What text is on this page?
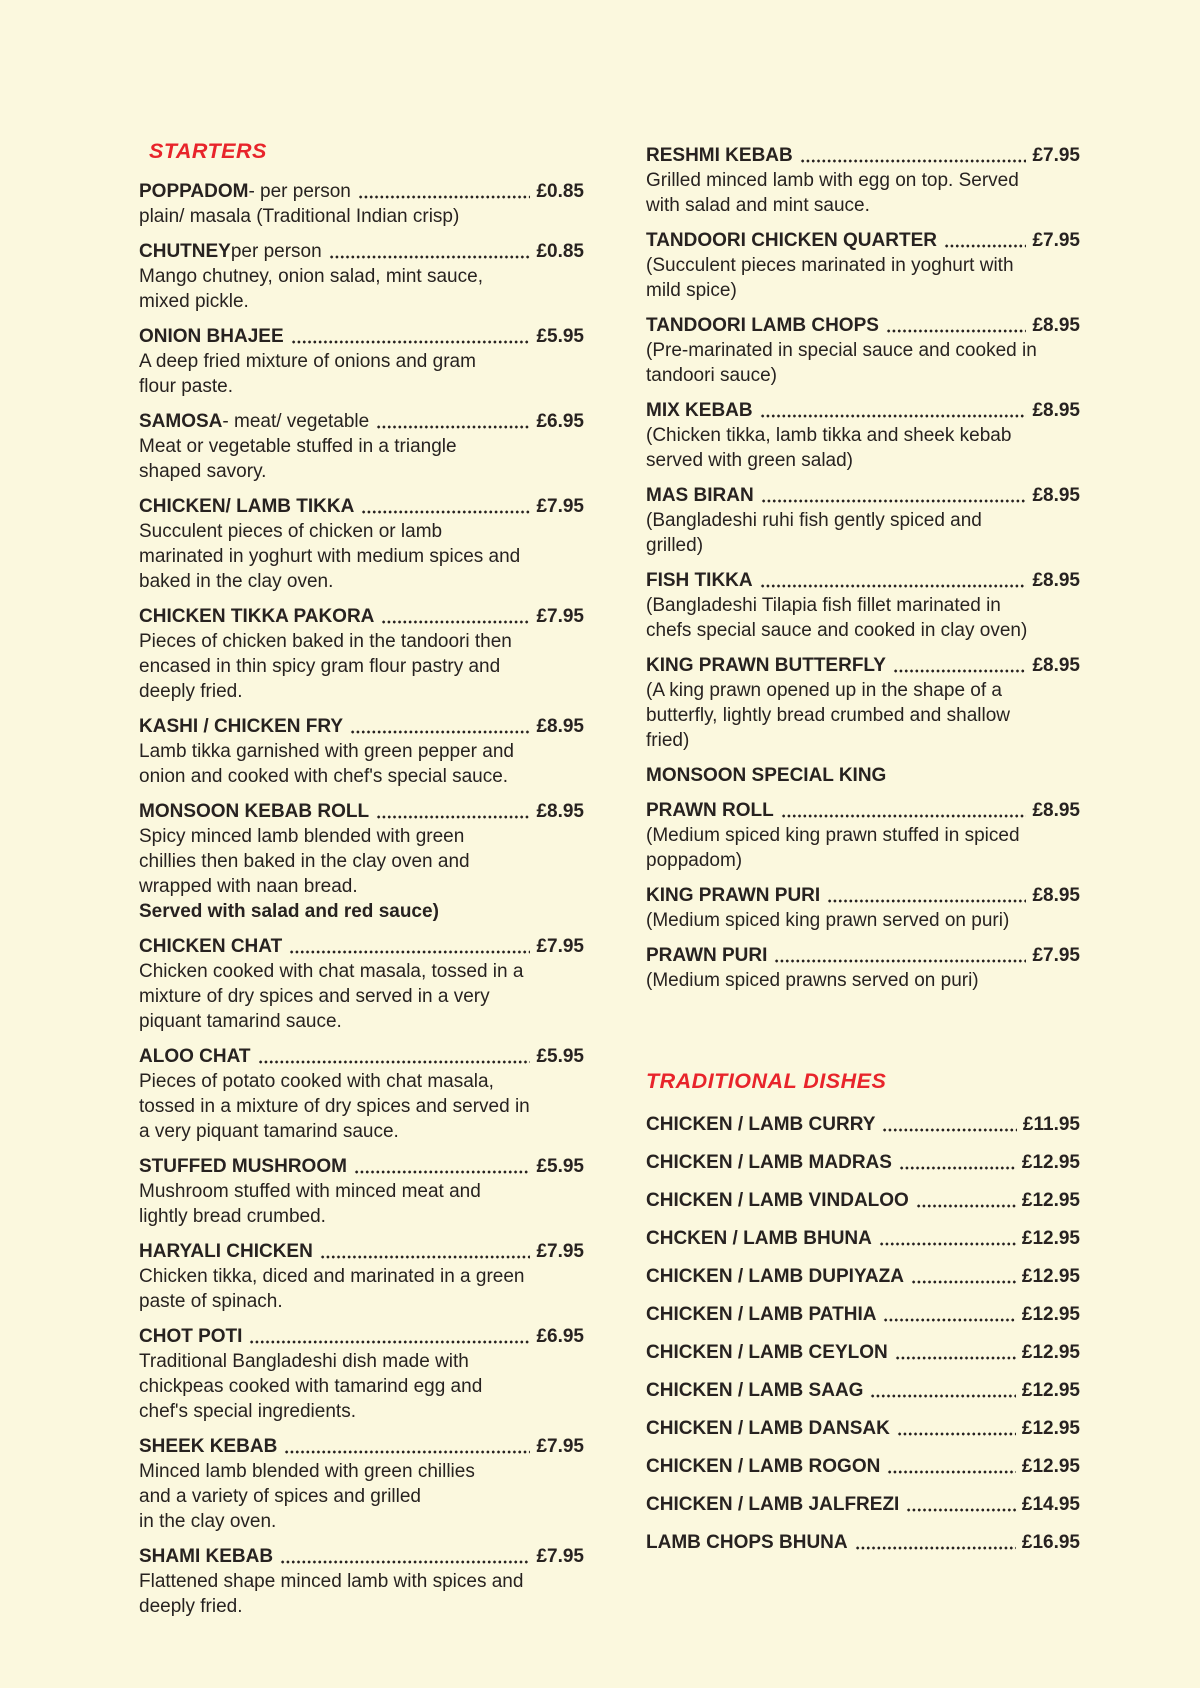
STARTERS
POPPADOM - per person	£0.85
plain/ masala (Traditional Indian crisp)
CHUTNEY per person	£0.85
Mango chutney, onion salad, mint sauce,
mixed pickle.
ONION BHAJEE	£5.95
A deep fried mixture of onions and gram
flour paste.
SAMOSA - meat/ vegetable	£6.95
Meat or vegetable stuffed in a triangle
shaped savory.
CHICKEN/ LAMB TIKKA	£7.95
Succulent pieces of chicken or lamb
marinated in yoghurt with medium spices and
baked in the clay oven.
CHICKEN TIKKA PAKORA	£7.95
Pieces of chicken baked in the tandoori then
encased in thin spicy gram flour pastry and
deeply fried.
KASHI / CHICKEN FRY	£8.95
Lamb tikka garnished with green pepper and
onion and cooked with chef's special sauce.
MONSOON KEBAB ROLL	£8.95
Spicy minced lamb blended with green
chillies then baked in the clay oven and
wrapped with naan bread.
Served with salad and red sauce)
CHICKEN CHAT	£7.95
Chicken cooked with chat masala, tossed in a
mixture of dry spices and served in a very
piquant tamarind sauce.
ALOO CHAT	£5.95
Pieces of potato cooked with chat masala,
tossed in a mixture of dry spices and served in
a very piquant tamarind sauce.
STUFFED MUSHROOM	£5.95
Mushroom stuffed with minced meat and
lightly bread crumbed.
HARYALI CHICKEN	£7.95
Chicken tikka, diced and marinated in a green
paste of spinach.
CHOT POTI	£6.95
Traditional Bangladeshi dish made with
chickpeas cooked with tamarind egg and
chef's special ingredients.
SHEEK KEBAB	£7.95
Minced lamb blended with green chillies
and a variety of spices and grilled
in the clay oven.
SHAMI KEBAB	£7.95
Flattened shape minced lamb with spices and
deeply fried.
RESHMI KEBAB	£7.95
Grilled minced lamb with egg on top. Served
with salad and mint sauce.
TANDOORI CHICKEN QUARTER	£7.95
(Succulent pieces marinated in yoghurt with
mild spice)
TANDOORI LAMB CHOPS	£8.95
(Pre-marinated in special sauce and cooked in
tandoori sauce)
MIX KEBAB	£8.95
(Chicken tikka, lamb tikka and sheek kebab
served with green salad)
MAS BIRAN	£8.95
(Bangladeshi ruhi fish gently spiced and
grilled)
FISH TIKKA	£8.95
(Bangladeshi Tilapia fish fillet marinated in
chefs special sauce and cooked in clay oven)
KING PRAWN BUTTERFLY	£8.95
(A king prawn opened up in the shape of a
butterfly, lightly bread crumbed and shallow
fried)
MONSOON SPECIAL KING
PRAWN ROLL	£8.95
(Medium spiced king prawn stuffed in spiced
poppadom)
KING PRAWN PURI	£8.95
(Medium spiced king prawn served on puri)
PRAWN PURI	£7.95
(Medium spiced prawns served on puri)
TRADITIONAL DISHES
CHICKEN / LAMB CURRY	£11.95
CHICKEN / LAMB MADRAS	£12.95
CHICKEN / LAMB VINDALOO	£12.95
CHCKEN / LAMB BHUNA	£12.95
CHICKEN / LAMB DUPIYAZA	£12.95
CHICKEN / LAMB PATHIA	£12.95
CHICKEN / LAMB CEYLON	£12.95
CHICKEN / LAMB SAAG	£12.95
CHICKEN / LAMB DANSAK	£12.95
CHICKEN / LAMB ROGON	£12.95
CHICKEN / LAMB JALFREZI	£14.95
LAMB CHOPS BHUNA	£16.95
